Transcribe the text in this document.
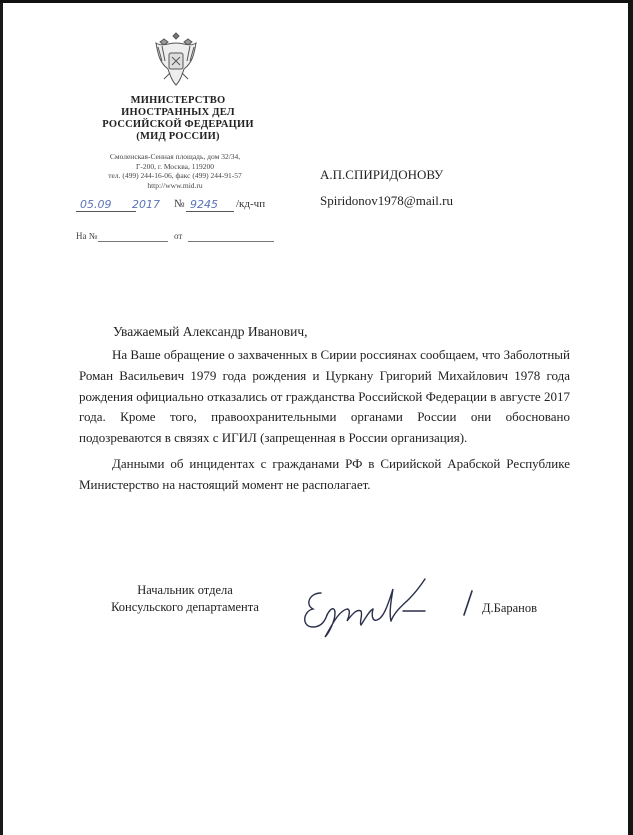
МИНИСТЕРСТВО
ИНОСТРАННЫХ ДЕЛ
РОССИЙСКОЙ ФЕДЕРАЦИИ
(МИД РОССИИ)
Смоленская-Сенная площадь, дом 32/34,
Г-200, г. Москва, 119200
тел. (499) 244-16-06, факс (499) 244-91-57
http://www.mid.ru
05.09 2017 № 9245 /кд-чп
На №	от
А.П.СПИРИДОНОВУ
Spiridonov1978@mail.ru
Уважаемый Александр Иванович,

На Ваше обращение о захваченных в Сирии россиянах сообщаем, что Заболотный Роман Васильевич 1979 года рождения и Цуркану Григорий Михайлович 1978 года рождения официально отказались от гражданства Российской Федерации в августе 2017 года. Кроме того, правоохранительными органами России они обосновано подозреваются в связях с ИГИЛ (запрещенная в России организация).

Данными об инцидентах с гражданами РФ в Сирийской Арабской Республике Министерство на настоящий момент не располагает.

Начальник отдела
Консульского департамента	Д.Баранов
